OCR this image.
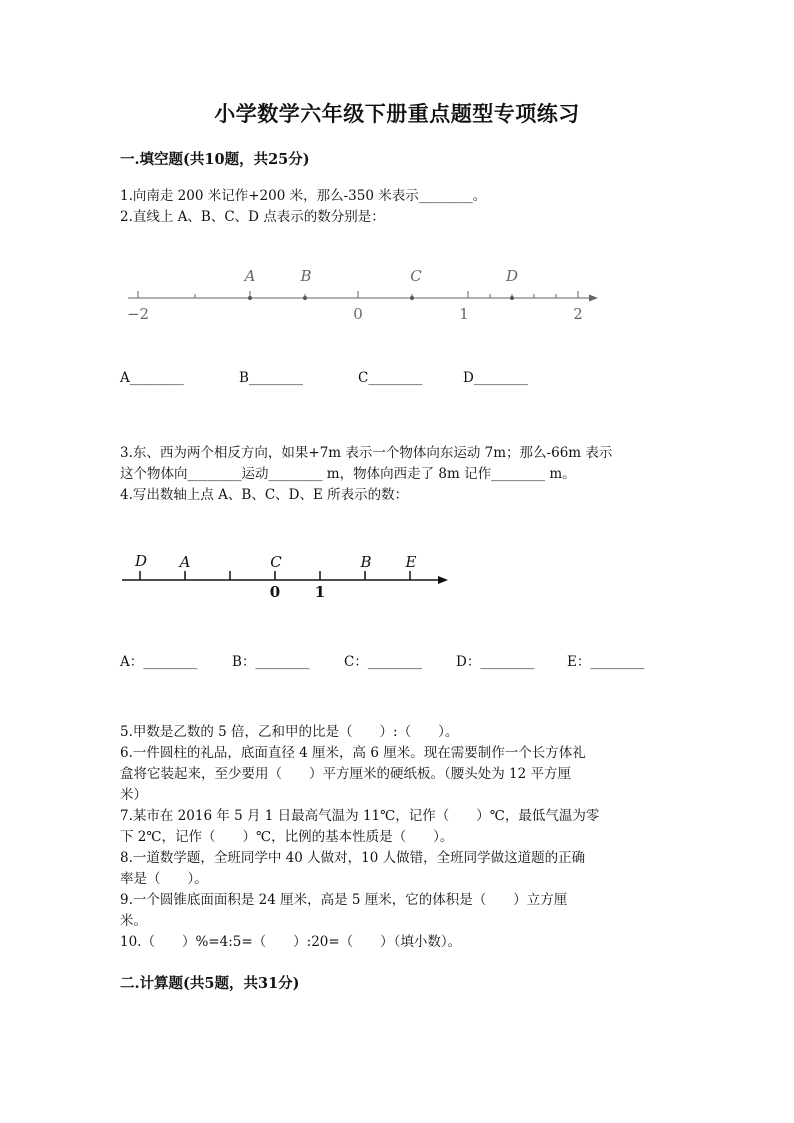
小学数学六年级下册重点题型专项练习
一.填空题(共10题，共25分)
1.向南走 200 米记作+200 米，那么-350 米表示________。
2.直线上 A、B、C、D 点表示的数分别是：
A	B	C	D
−2	0	1	2
A________	B________	C________	D________
3.东、西为两个相反方向，如果+7m 表示一个物体向东运动 7m；那么-66m 表示
这个物体向________运动________ m，物体向西走了 8m 记作________ m。
4.写出数轴上点 A、B、C、D、E 所表示的数：
D A	C	B E
0 1
A：________	B：________	C：________	D：________ E：________
5.甲数是乙数的 5 倍，乙和甲的比是（　　）:（　　）。
6.一件圆柱的礼品，底面直径 4 厘米，高 6 厘米。现在需要制作一个长方体礼
盒将它装起来，至少要用（　　）平方厘米的硬纸板。（腰头处为 12 平方厘
米）
7.某市在 2016 年 5 月 1 日最高气温为 11℃，记作（　　）℃，最低气温为零
下 2℃，记作（　　）℃，比例的基本性质是（　　）。
8.一道数学题，全班同学中 40 人做对，10 人做错，全班同学做这道题的正确
率是（　　）。
9.一个圆锥底面面积是 24 厘米，高是 5 厘米，它的体积是（　　）立方厘
米。
10.（　　）%=4:5=（　　）:20=（　　）（填小数）。
二.计算题(共5题，共31分)
